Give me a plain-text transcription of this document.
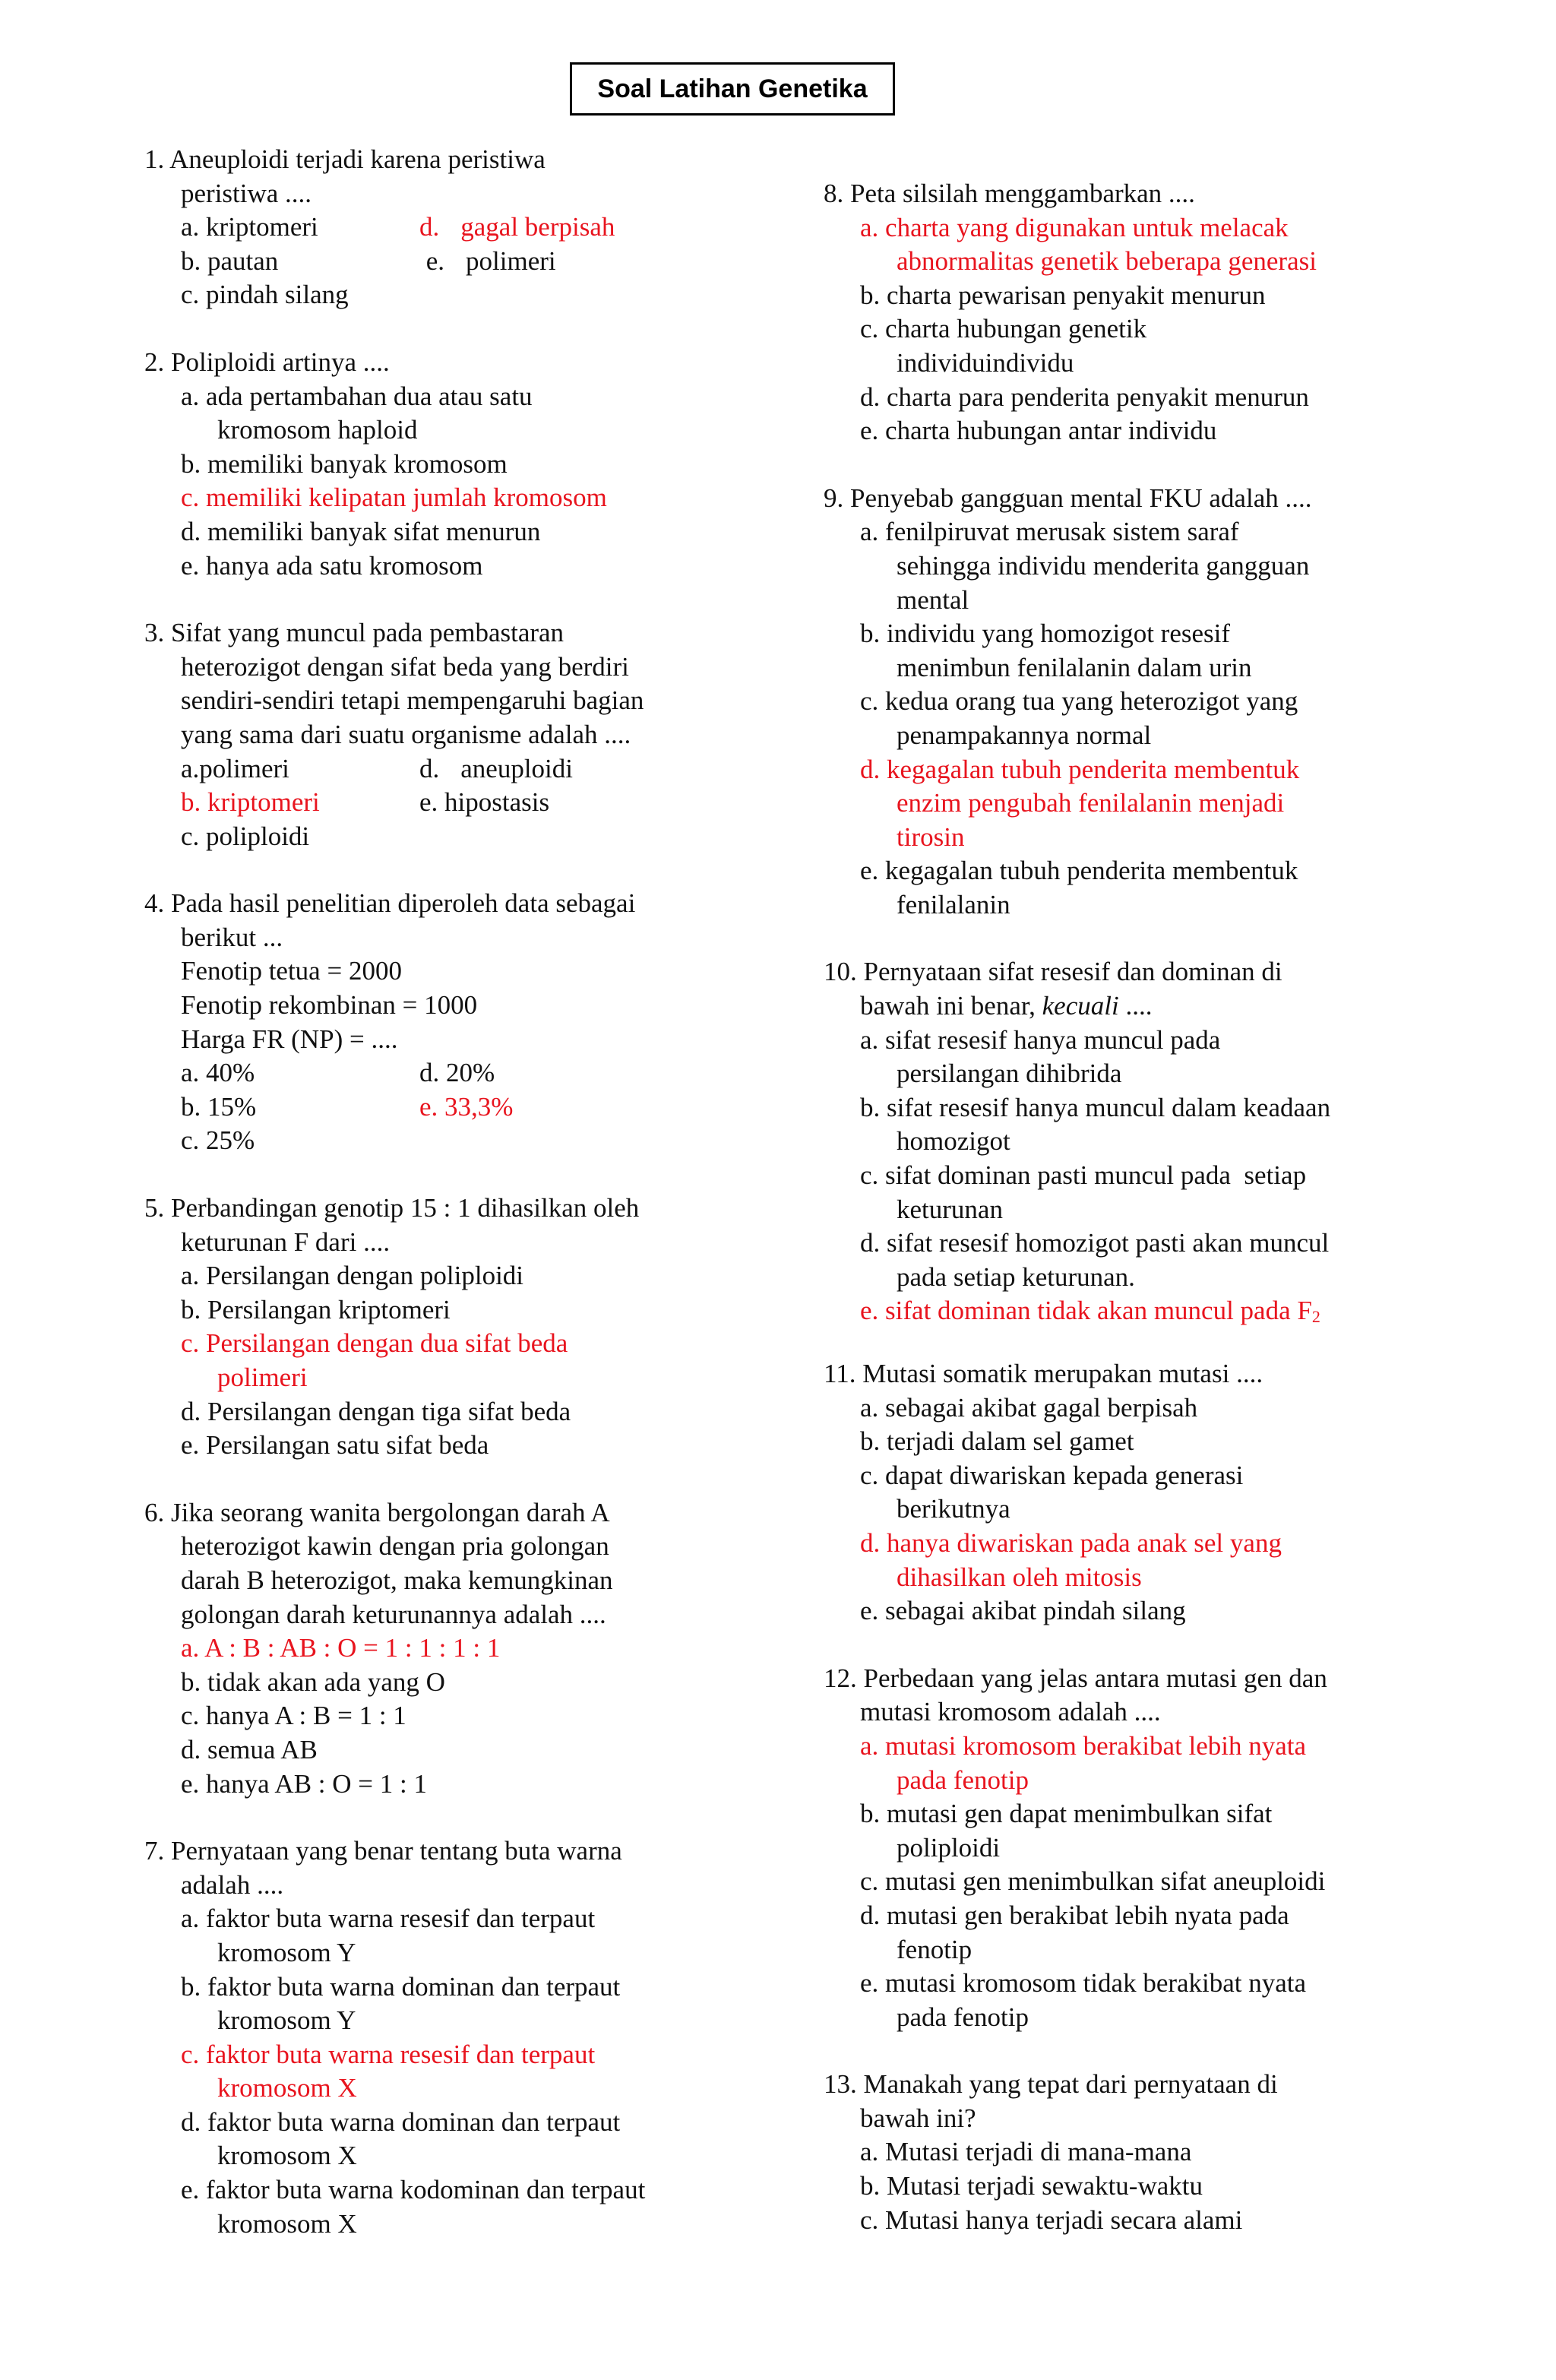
Soal Latihan Genetika
1. Aneuploidi terjadi karena peristiwa
peristiwa ....
a. kriptomeri	d. gagal berpisah
b. pautan	e. polimeri
c. pindah silang
2. Poliploidi artinya ....
a. ada pertambahan dua atau satu
kromosom haploid
b. memiliki banyak kromosom
c. memiliki kelipatan jumlah kromosom
d. memiliki banyak sifat menurun
e. hanya ada satu kromosom
3. Sifat yang muncul pada pembastaran
heterozigot dengan sifat beda yang berdiri
sendiri-sendiri tetapi mempengaruhi bagian
yang sama dari suatu organisme adalah ....
a.polimeri	d. aneuploidi
b. kriptomeri	e. hipostasis
c. poliploidi
4. Pada hasil penelitian diperoleh data sebagai
berikut ...
Fenotip tetua = 2000
Fenotip rekombinan = 1000
Harga FR (NP) = ....
a. 40%	d. 20%
b. 15%	e. 33,3%
c. 25%
5. Perbandingan genotip 15 : 1 dihasilkan oleh
keturunan F dari ....
a. Persilangan dengan poliploidi
b. Persilangan kriptomeri
c. Persilangan dengan dua sifat beda
polimeri
d. Persilangan dengan tiga sifat beda
e. Persilangan satu sifat beda
6. Jika seorang wanita bergolongan darah A
heterozigot kawin dengan pria golongan
darah B heterozigot, maka kemungkinan
golongan darah keturunannya adalah ....
a. A : B : AB : O = 1 : 1 : 1 : 1
b. tidak akan ada yang O
c. hanya A : B = 1 : 1
d. semua AB
e. hanya AB : O = 1 : 1
7. Pernyataan yang benar tentang buta warna
adalah ....
a. faktor buta warna resesif dan terpaut
kromosom Y
b. faktor buta warna dominan dan terpaut
kromosom Y
c. faktor buta warna resesif dan terpaut
kromosom X
d. faktor buta warna dominan dan terpaut
kromosom X
e. faktor buta warna kodominan dan terpaut
kromosom X
8. Peta silsilah menggambarkan ....
a. charta yang digunakan untuk melacak
abnormalitas genetik beberapa generasi
b. charta pewarisan penyakit menurun
c. charta hubungan genetik
individuindividu
d. charta para penderita penyakit menurun
e. charta hubungan antar individu
9. Penyebab gangguan mental FKU adalah ....
a. fenilpiruvat merusak sistem saraf
sehingga individu menderita gangguan
mental
b. individu yang homozigot resesif
menimbun fenilalanin dalam urin
c. kedua orang tua yang heterozigot yang
penampakannya normal
d. kegagalan tubuh penderita membentuk
enzim pengubah fenilalanin menjadi
tirosin
e. kegagalan tubuh penderita membentuk
fenilalanin
10. Pernyataan sifat resesif dan dominan di
bawah ini benar, kecuali ....
a. sifat resesif hanya muncul pada
persilangan dihibrida
b. sifat resesif hanya muncul dalam keadaan
homozigot
c. sifat dominan pasti muncul pada  setiap
keturunan
d. sifat resesif homozigot pasti akan muncul
pada setiap keturunan.
e. sifat dominan tidak akan muncul pada F2
11. Mutasi somatik merupakan mutasi ....
a. sebagai akibat gagal berpisah
b. terjadi dalam sel gamet
c. dapat diwariskan kepada generasi
berikutnya
d. hanya diwariskan pada anak sel yang
dihasilkan oleh mitosis
e. sebagai akibat pindah silang
12. Perbedaan yang jelas antara mutasi gen dan
mutasi kromosom adalah ....
a. mutasi kromosom berakibat lebih nyata
pada fenotip
b. mutasi gen dapat menimbulkan sifat
poliploidi
c. mutasi gen menimbulkan sifat aneuploidi
d. mutasi gen berakibat lebih nyata pada
fenotip
e. mutasi kromosom tidak berakibat nyata
pada fenotip
13. Manakah yang tepat dari pernyataan di
bawah ini?
a. Mutasi terjadi di mana-mana
b. Mutasi terjadi sewaktu-waktu
c. Mutasi hanya terjadi secara alami
